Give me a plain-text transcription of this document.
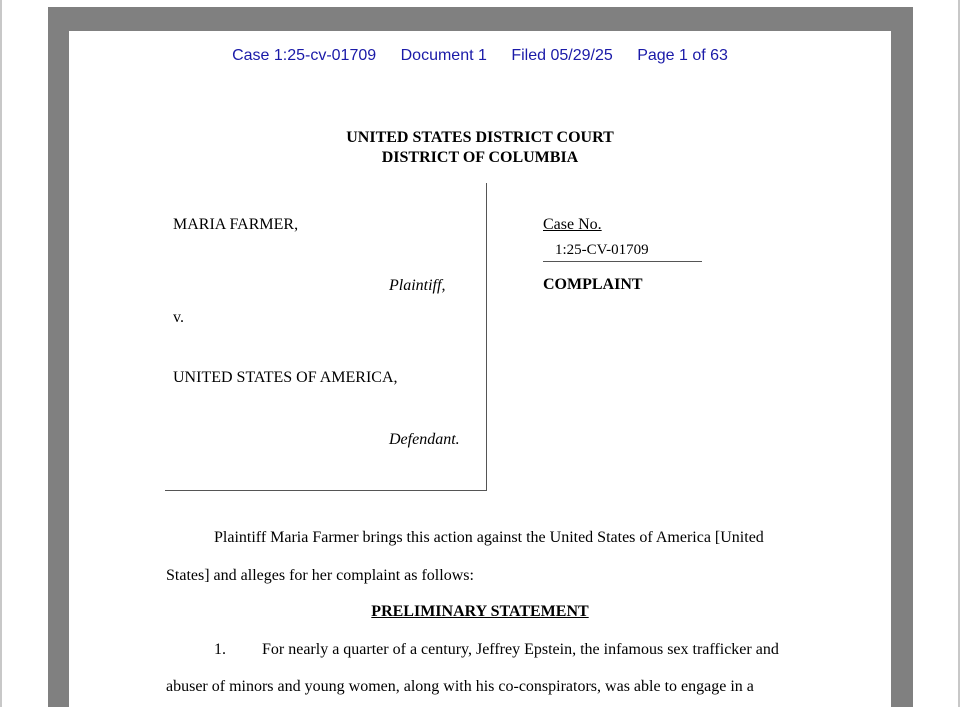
Case 1:25-cv-01709 Document 1 Filed 05/29/25 Page 1 of 63
UNITED STATES DISTRICT COURT
DISTRICT OF COLUMBIA
MARIA FARMER,
Plaintiff,
v.
UNITED STATES OF AMERICA,
Defendant.
Case No.
1:25-CV-01709
COMPLAINT
Plaintiff Maria Farmer brings this action against the United States of America [United
States] and alleges for her complaint as follows:
PRELIMINARY STATEMENT
1. For nearly a quarter of a century, Jeffrey Epstein, the infamous sex trafficker and
abuser of minors and young women, along with his co-conspirators, was able to engage in a
